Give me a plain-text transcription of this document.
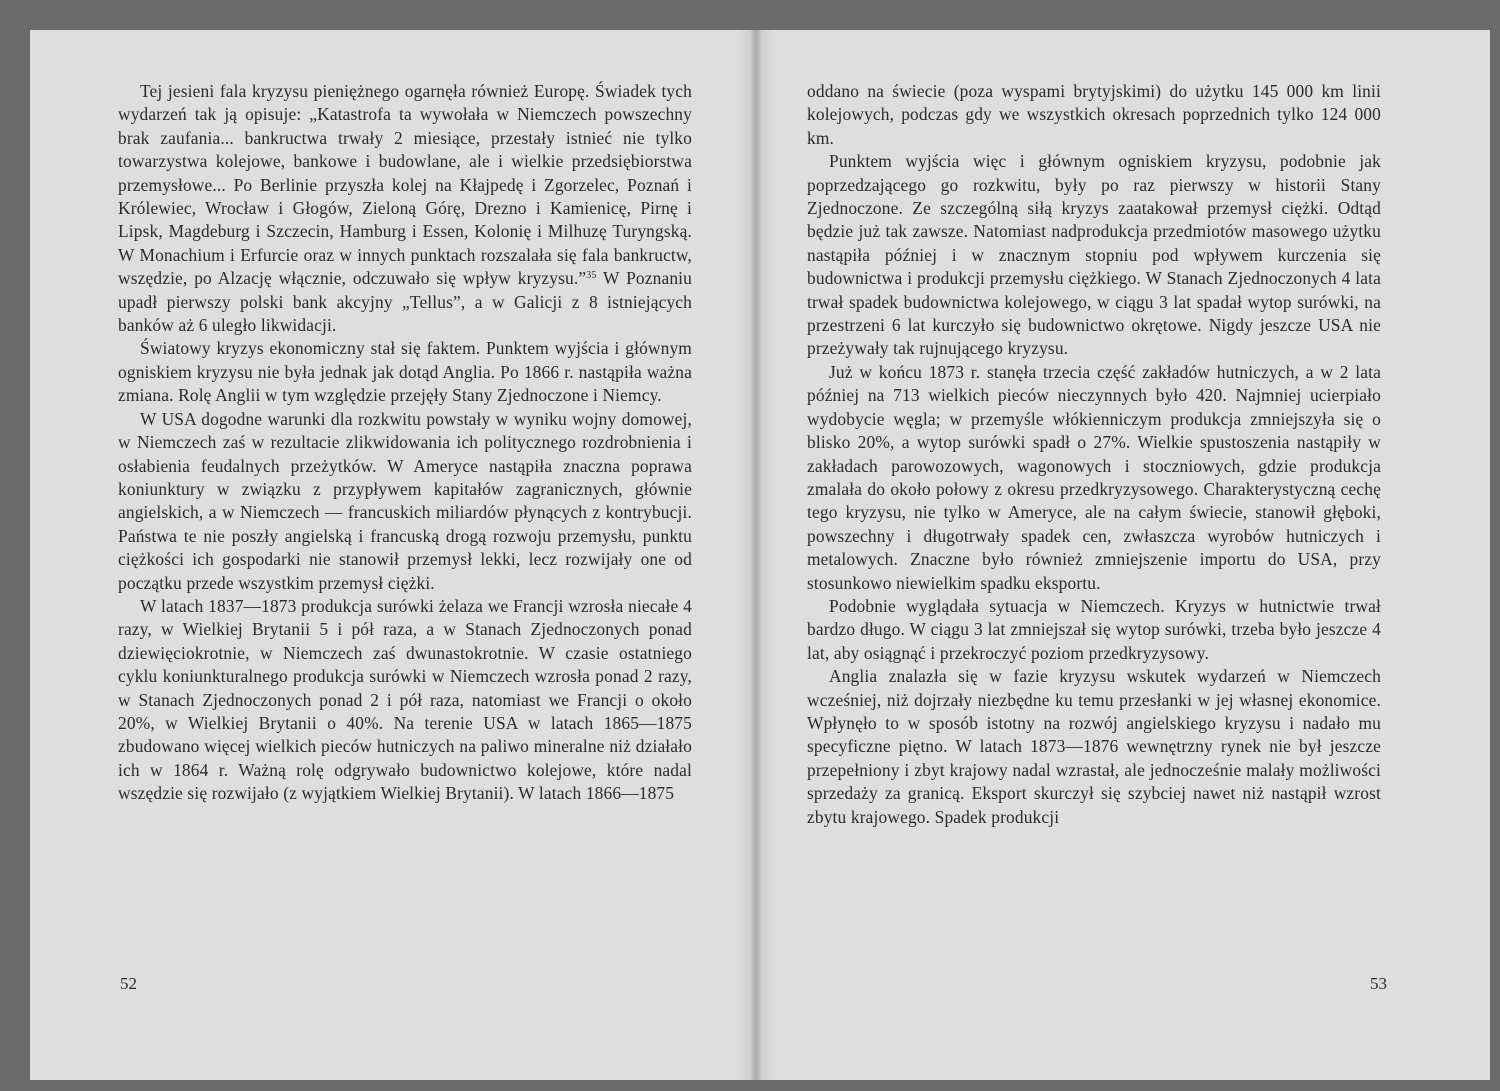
Tej jesieni fala kryzysu pieniężnego ogarnęła również Europę. Świadek tych wydarzeń tak ją opisuje: „Katastrofa ta wywołała w Niemczech powszechny brak zaufania... bankructwa trwały 2 miesiące, przestały istnieć nie tylko towarzystwa kolejowe, bankowe i budowlane, ale i wielkie przedsiębiorstwa przemysłowe... Po Berlinie przyszła kolej na Kłajpedę i Zgorzelec, Poznań i Królewiec, Wrocław i Głogów, Zieloną Górę, Drezno i Kamienicę, Pirnę i Lipsk, Magdeburg i Szczecin, Hamburg i Essen, Kolonię i Milhuzę Turyngską. W Monachium i Erfurcie oraz w innych punktach rozszalała się fala bankructw, wszędzie, po Alzację włącznie, odczuwało się wpływ kryzysu.”$^{35}$ W Poznaniu upadł pierwszy polski bank akcyjny „Tellus”, a w Galicji z 8 istniejących banków aż 6 uległo likwidacji.

Światowy kryzys ekonomiczny stał się faktem. Punktem wyjścia i głównym ogniskiem kryzysu nie była jednak jak dotąd Anglia. Po 1866 r. nastąpiła ważna zmiana. Rolę Anglii w tym względzie przejęły Stany Zjednoczone i Niemcy.

W USA dogodne warunki dla rozkwitu powstały w wyniku wojny domowej, w Niemczech zaś w rezultacie zlikwidowania ich politycznego rozdrobnienia i osłabienia feudalnych przeżytków. W Ameryce nastąpiła znaczna poprawa koniunktury w związku z przypływem kapitałów zagranicznych, głównie angielskich, a w Niemczech — francuskich miliardów płynących z kontrybucji. Państwa te nie poszły angielską i francuską drogą rozwoju przemysłu, punktu ciężkości ich gospodarki nie stanowił przemysł lekki, lecz rozwijały one od początku przede wszystkim przemysł ciężki.

W latach 1837—1873 produkcja surówki żelaza we Francji wzrosła niecałe 4 razy, w Wielkiej Brytanii 5 i pół raza, a w Stanach Zjednoczonych ponad dziewięciokrotnie, w Niemczech zaś dwunastokrotnie. W czasie ostatniego cyklu koniunkturalnego produkcja surówki w Niemczech wzrosła ponad 2 razy, w Stanach Zjednoczonych ponad 2 i pół raza, natomiast we Francji o około 20%, w Wielkiej Brytanii o 40%. Na terenie USA w latach 1865—1875 zbudowano więcej wielkich pieców hutniczych na paliwo mineralne niż działało ich w 1864 r. Ważną rolę odgrywało budownictwo kolejowe, które nadal wszędzie się rozwijało (z wyjątkiem Wielkiej Brytanii). W latach 1866—1875

52

oddano na świecie (poza wyspami brytyjskimi) do użytku 145 000 km linii kolejowych, podczas gdy we wszystkich okresach poprzednich tylko 124 000 km.

Punktem wyjścia więc i głównym ogniskiem kryzysu, podobnie jak poprzedzającego go rozkwitu, były po raz pierwszy w historii Stany Zjednoczone. Ze szczególną siłą kryzys zaatakował przemysł ciężki. Odtąd będzie już tak zawsze. Natomiast nadprodukcja przedmiotów masowego użytku nastąpiła później i w znacznym stopniu pod wpływem kurczenia się budownictwa i produkcji przemysłu ciężkiego. W Stanach Zjednoczonych 4 lata trwał spadek budownictwa kolejowego, w ciągu 3 lat spadał wytop surówki, na przestrzeni 6 lat kurczyło się budownictwo okrętowe. Nigdy jeszcze USA nie przeżywały tak rujnującego kryzysu.

Już w końcu 1873 r. stanęła trzecia część zakładów hutniczych, a w 2 lata później na 713 wielkich pieców nieczynnych było 420. Najmniej ucierpiało wydobycie węgla; w przemyśle włókienniczym produkcja zmniejszyła się o blisko 20%, a wytop surówki spadł o 27%. Wielkie spustoszenia nastąpiły w zakładach parowozowych, wagonowych i stoczniowych, gdzie produkcja zmalała do około połowy z okresu przedkryzysowego. Charakterystyczną cechę tego kryzysu, nie tylko w Ameryce, ale na całym świecie, stanowił głęboki, powszechny i długotrwały spadek cen, zwłaszcza wyrobów hutniczych i metalowych. Znaczne było również zmniejszenie importu do USA, przy stosunkowo niewielkim spadku eksportu.

Podobnie wyglądała sytuacja w Niemczech. Kryzys w hutnictwie trwał bardzo długo. W ciągu 3 lat zmniejszał się wytop surówki, trzeba było jeszcze 4 lat, aby osiągnąć i przekroczyć poziom przedkryzysowy.

Anglia znalazła się w fazie kryzysu wskutek wydarzeń w Niemczech wcześniej, niż dojrzały niezbędne ku temu przesłanki w jej własnej ekonomice. Wpłynęło to w sposób istotny na rozwój angielskiego kryzysu i nadało mu specyficzne piętno. W latach 1873—1876 wewnętrzny rynek nie był jeszcze przepełniony i zbyt krajowy nadal wzrastał, ale jednocześnie malały możliwości sprzedaży za granicą. Eksport skurczył się szybciej nawet niż nastąpił wzrost zbytu krajowego. Spadek produkcji

53
